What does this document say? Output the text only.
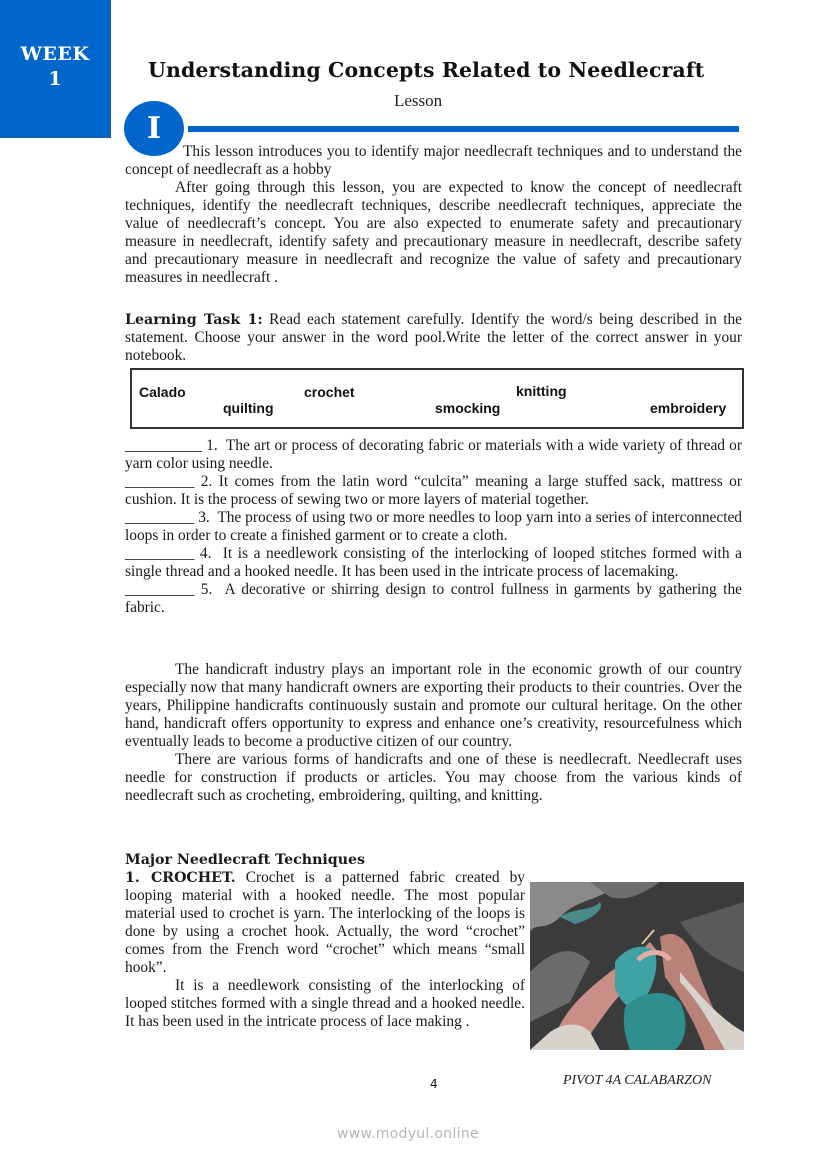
WEEK
1	Understanding Concepts Related to Needlecraft
Lesson
I

This lesson introduces you to identify major needlecraft techniques and to understand the concept of needlecraft as a hobby

After going through this lesson, you are expected to know the concept of needlecraft techniques, identify the needlecraft techniques, describe needlecraft techniques, appreciate the value of needlecraft’s concept. You are also expected to enumerate safety and precautionary measure in needlecraft, identify safety and precautionary measure in needlecraft, describe safety and precautionary measure in needlecraft and recognize the value of safety and precautionary measures in needlecraft .

Learning Task 1: Read each statement carefully. Identify the word/s being described in the statement. Choose your answer in the word pool.Write the letter of the correct answer in your notebook.

Calado	crochet	knitting
quilting	smocking	embroidery

__________ 1. The art or process of decorating fabric or materials with a wide variety of thread or yarn color using needle.

_________ 2. It comes from the latin word “culcita” meaning a large stuffed sack, mattress or cushion. It is the process of sewing two or more layers of material together.

_________ 3. The process of using two or more needles to loop yarn into a series of interconnected loops in order to create a finished garment or to create a cloth.

_________ 4. It is a needlework consisting of the interlocking of looped stitches formed with a single thread and a hooked needle. It has been used in the intricate process of lacemaking.

_________ 5. A decorative or shirring design to control fullness in garments by gathering the fabric.

The handicraft industry plays an important role in the economic growth of our country especially now that many handicraft owners are exporting their products to their countries. Over the years, Philippine handicrafts continuously sustain and promote our cultural heritage. On the other hand, handicraft offers opportunity to express and enhance one’s creativity, resourcefulness which eventually leads to become a productive citizen of our country.

There are various forms of handicrafts and one of these is needlecraft. Needlecraft uses needle for construction if products or articles. You may choose from the various kinds of needlecraft such as crocheting, embroidering, quilting, and knitting.

Major Needlecraft Techniques

1. CROCHET. Crochet is a patterned fabric created by looping material with a hooked needle. The most popular material used to crochet is yarn. The interlocking of the loops is done by using a crochet hook. Actually, the word “crochet” comes from the French word “crochet” which means “small hook”.

It is a needlework consisting of the interlocking of looped stitches formed with a single thread and a hooked needle. It has been used in the intricate process of lace making .

4	PIVOT 4A CALABARZON
www.modyul.online
